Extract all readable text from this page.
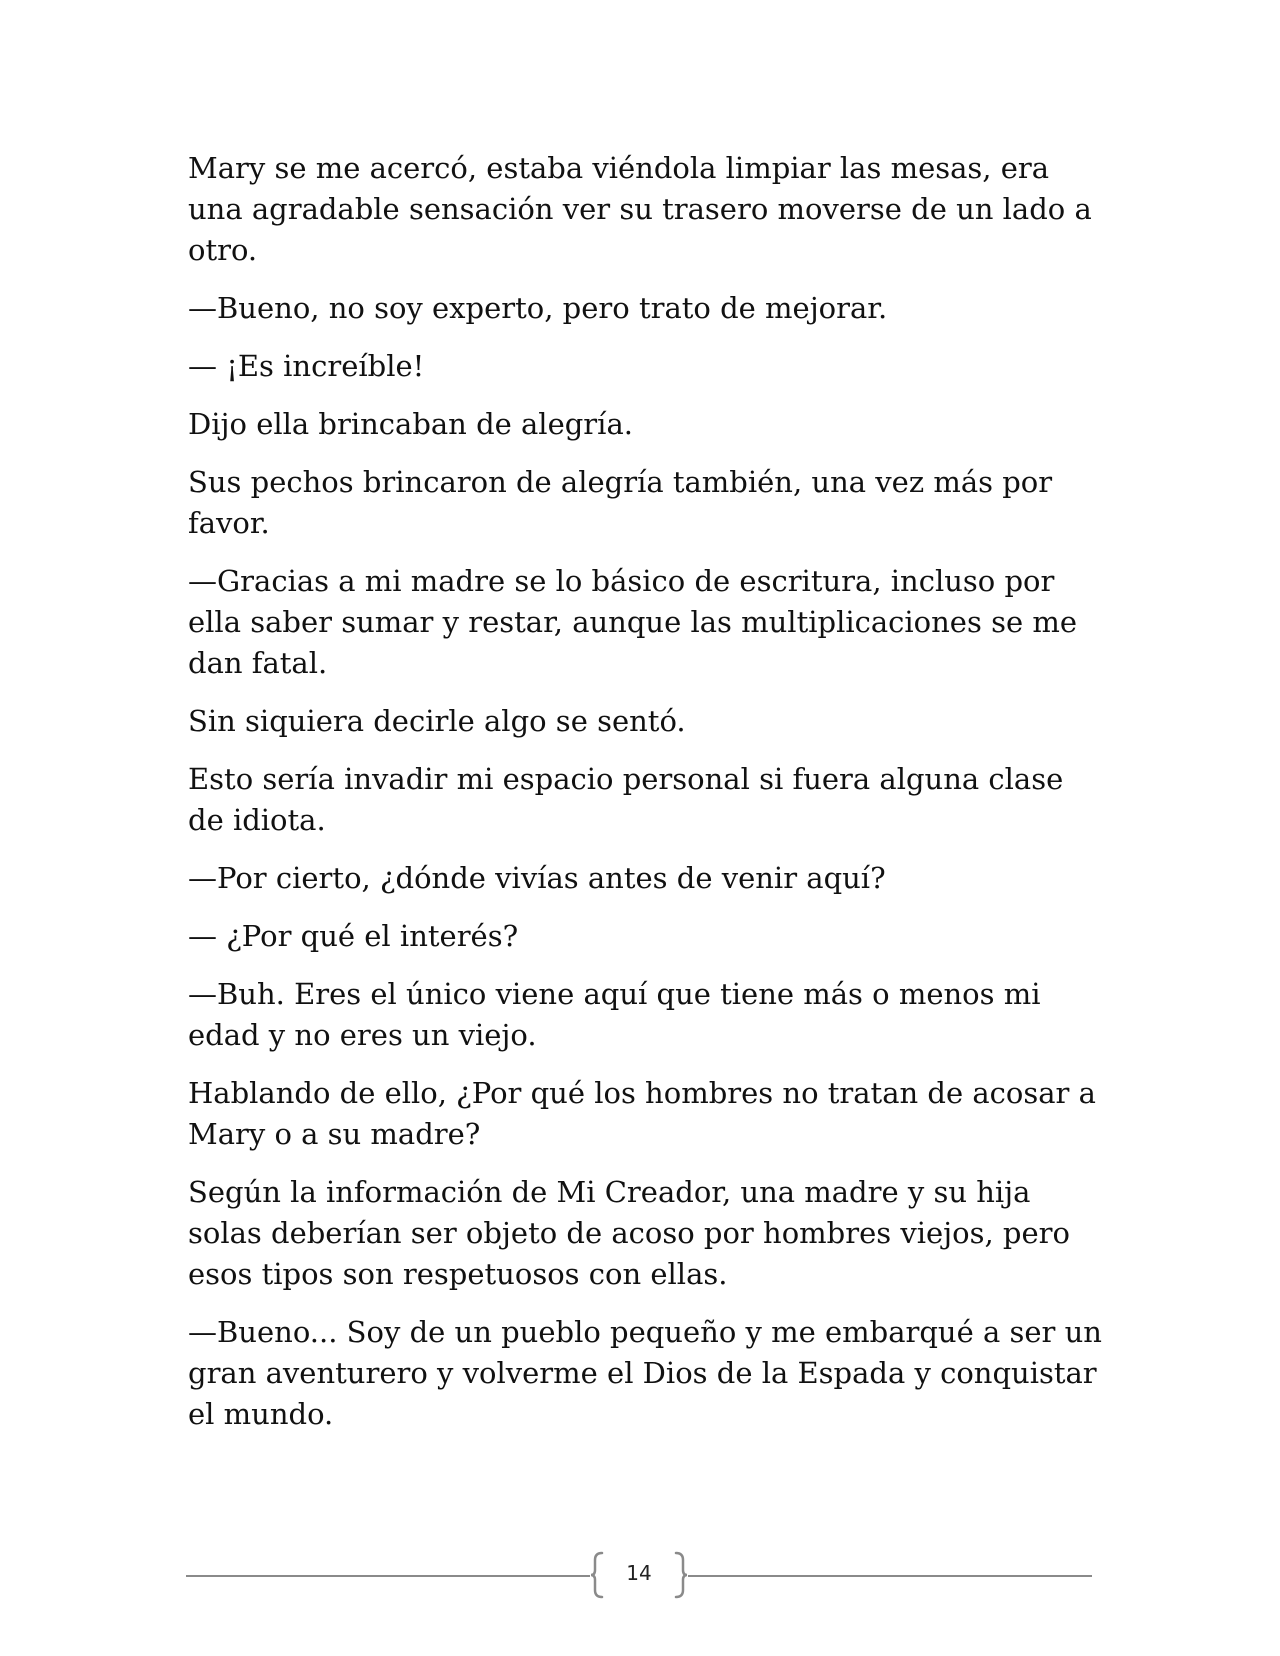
Mary se me acercó, estaba viéndola limpiar las mesas, era una agradable sensación ver su trasero moverse de un lado a otro.

—Bueno, no soy experto, pero trato de mejorar.

— ¡Es increíble!

Dijo ella brincaban de alegría.

Sus pechos brincaron de alegría también, una vez más por favor.

—Gracias a mi madre se lo básico de escritura, incluso por ella saber sumar y restar, aunque las multiplicaciones se me dan fatal.

Sin siquiera decirle algo se sentó.

Esto sería invadir mi espacio personal si fuera alguna clase de idiota.

—Por cierto, ¿dónde vivías antes de venir aquí?

— ¿Por qué el interés?

—Buh. Eres el único viene aquí que tiene más o menos mi edad y no eres un viejo.

Hablando de ello, ¿Por qué los hombres no tratan de acosar a Mary o a su madre?

Según la información de Mi Creador, una madre y su hija solas deberían ser objeto de acoso por hombres viejos, pero esos tipos son respetuosos con ellas.

—Bueno... Soy de un pueblo pequeño y me embarqué a ser un gran aventurero y volverme el Dios de la Espada y conquistar el mundo.

14
